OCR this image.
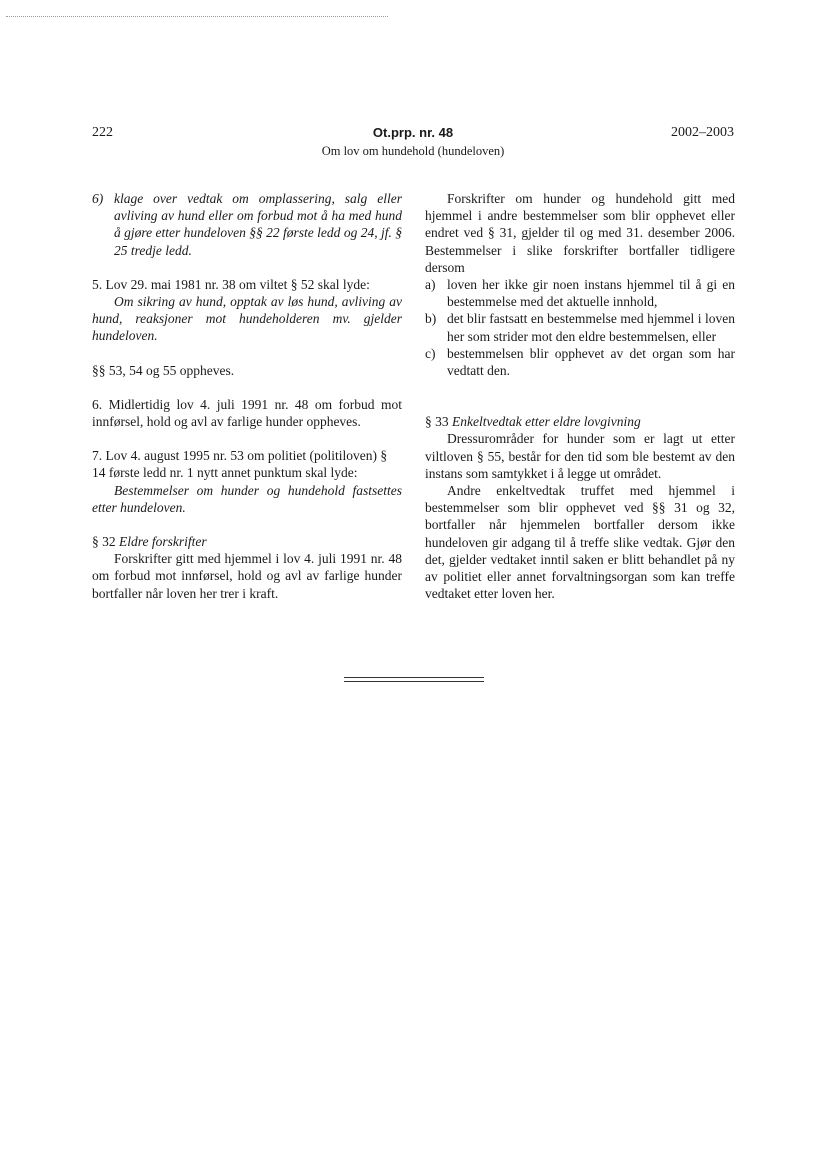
222	Ot.prp. nr. 48
Om lov om hundehold (hundeloven)
2002–2003
6) klage over vedtak om omplassering, salg eller avliving av hund eller om forbud mot å ha med hund å gjøre etter hundeloven §§ 22 første ledd og 24, jf. § 25 tredje ledd.

5. Lov 29. mai 1981 nr. 38 om viltet § 52 skal lyde:

Om sikring av hund, opptak av løs hund, avliving av hund, reaksjoner mot hundeholderen mv. gjelder hundeloven.

§§ 53, 54 og 55 oppheves.

6. Midlertidig lov 4. juli 1991 nr. 48 om forbud mot innførsel, hold og avl av farlige hunder oppheves.

7. Lov 4. august 1995 nr. 53 om politiet (politiloven) § 14 første ledd nr. 1 nytt annet punktum skal lyde:

Bestemmelser om hunder og hundehold fastsettes etter hundeloven.

§ 32 Eldre forskrifter

Forskrifter gitt med hjemmel i lov 4. juli 1991 nr. 48 om forbud mot innførsel, hold og avl av farlige hunder bortfaller når loven her trer i kraft.

Forskrifter om hunder og hundehold gitt med hjemmel i andre bestemmelser som blir opphevet eller endret ved § 31, gjelder til og med 31. desember 2006. Bestemmelser i slike forskrifter bortfaller tidligere dersom

a) loven her ikke gir noen instans hjemmel til å gi en bestemmelse med det aktuelle innhold,
b) det blir fastsatt en bestemmelse med hjemmel i loven her som strider mot den eldre bestemmelsen, eller
c) bestemmelsen blir opphevet av det organ som har vedtatt den.

§ 33 Enkeltvedtak etter eldre lovgivning

Dressurområder for hunder som er lagt ut etter viltloven § 55, består for den tid som ble bestemt av den instans som samtykket i å legge ut området.

Andre enkeltvedtak truffet med hjemmel i bestemmelser som blir opphevet ved §§ 31 og 32, bortfaller når hjemmelen bortfaller dersom ikke hundeloven gir adgang til å treffe slike vedtak. Gjør den det, gjelder vedtaket inntil saken er blitt behandlet på ny av politiet eller annet forvaltningsorgan som kan treffe vedtaket etter loven her.
